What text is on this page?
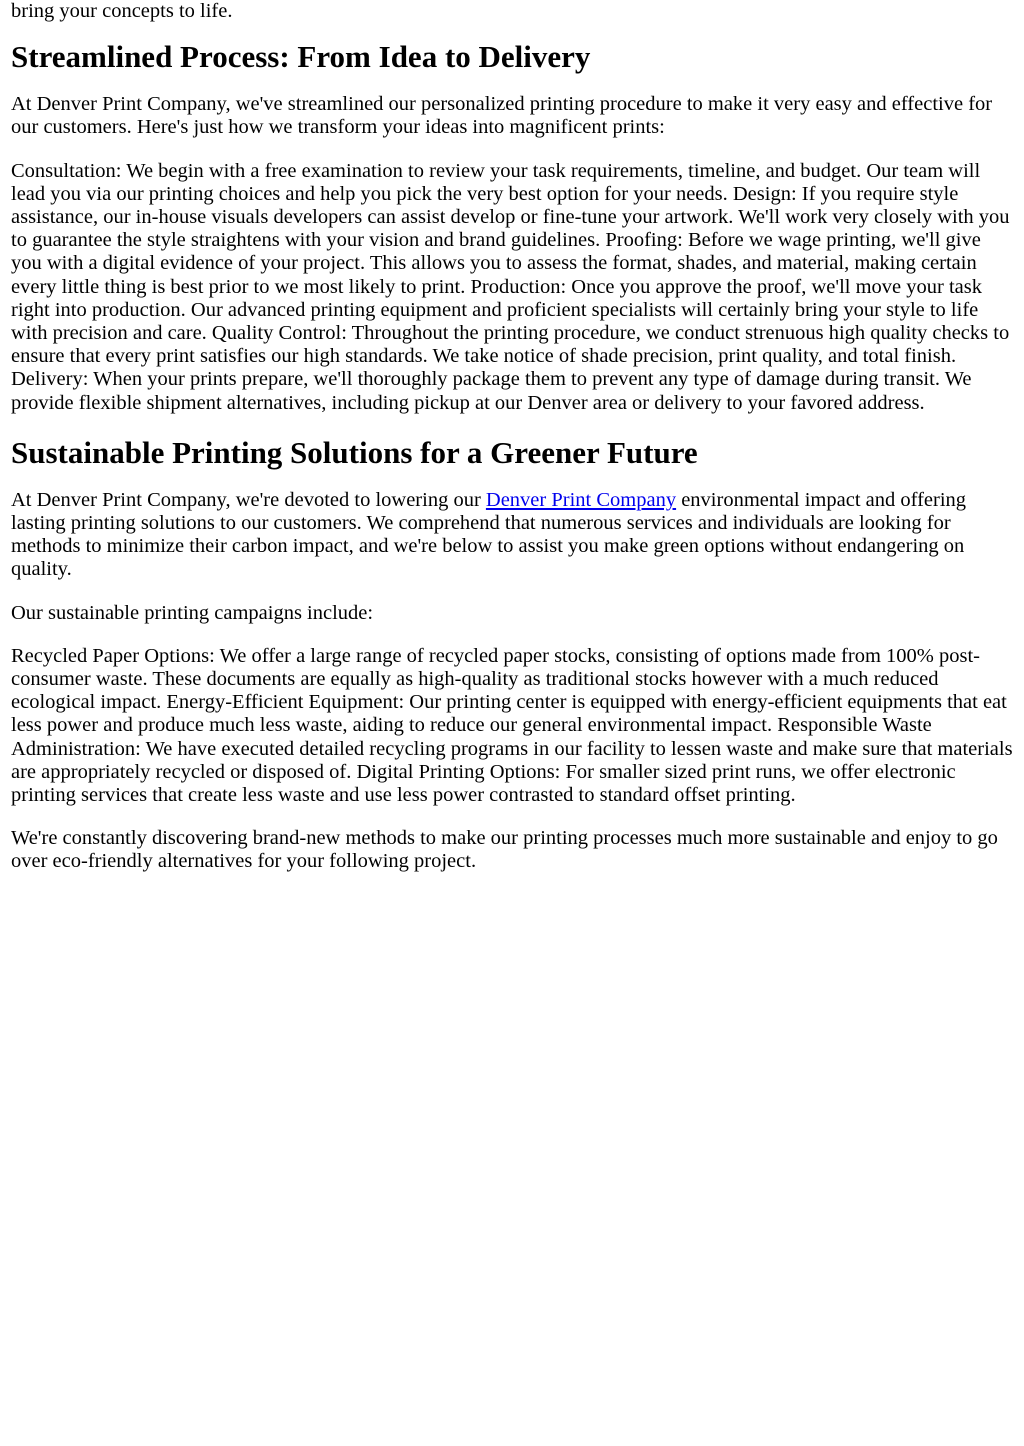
bring your concepts to life.

Streamlined Process: From Idea to Delivery

At Denver Print Company, we've streamlined our personalized printing procedure to make it very easy and effective for our customers. Here's just how we transform your ideas into magnificent prints:

Consultation: We begin with a free examination to review your task requirements, timeline, and budget. Our team will lead you via our printing choices and help you pick the very best option for your needs. Design: If you require style assistance, our in-house visuals developers can assist develop or fine-tune your artwork. We'll work very closely with you to guarantee the style straightens with your vision and brand guidelines. Proofing: Before we wage printing, we'll give you with a digital evidence of your project. This allows you to assess the format, shades, and material, making certain every little thing is best prior to we most likely to print. Production: Once you approve the proof, we'll move your task right into production. Our advanced printing equipment and proficient specialists will certainly bring your style to life with precision and care. Quality Control: Throughout the printing procedure, we conduct strenuous high quality checks to ensure that every print satisfies our high standards. We take notice of shade precision, print quality, and total finish. Delivery: When your prints prepare, we'll thoroughly package them to prevent any type of damage during transit. We provide flexible shipment alternatives, including pickup at our Denver area or delivery to your favored address.

Sustainable Printing Solutions for a Greener Future

At Denver Print Company, we're devoted to lowering our Denver Print Company environmental impact and offering lasting printing solutions to our customers. We comprehend that numerous services and individuals are looking for methods to minimize their carbon impact, and we're below to assist you make green options without endangering on quality.

Our sustainable printing campaigns include:

Recycled Paper Options: We offer a large range of recycled paper stocks, consisting of options made from 100% post-consumer waste. These documents are equally as high-quality as traditional stocks however with a much reduced ecological impact. Energy-Efficient Equipment: Our printing center is equipped with energy-efficient equipments that eat less power and produce much less waste, aiding to reduce our general environmental impact. Responsible Waste Administration: We have executed detailed recycling programs in our facility to lessen waste and make sure that materials are appropriately recycled or disposed of. Digital Printing Options: For smaller sized print runs, we offer electronic printing services that create less waste and use less power contrasted to standard offset printing.

We're constantly discovering brand-new methods to make our printing processes much more sustainable and enjoy to go over eco-friendly alternatives for your following project.
